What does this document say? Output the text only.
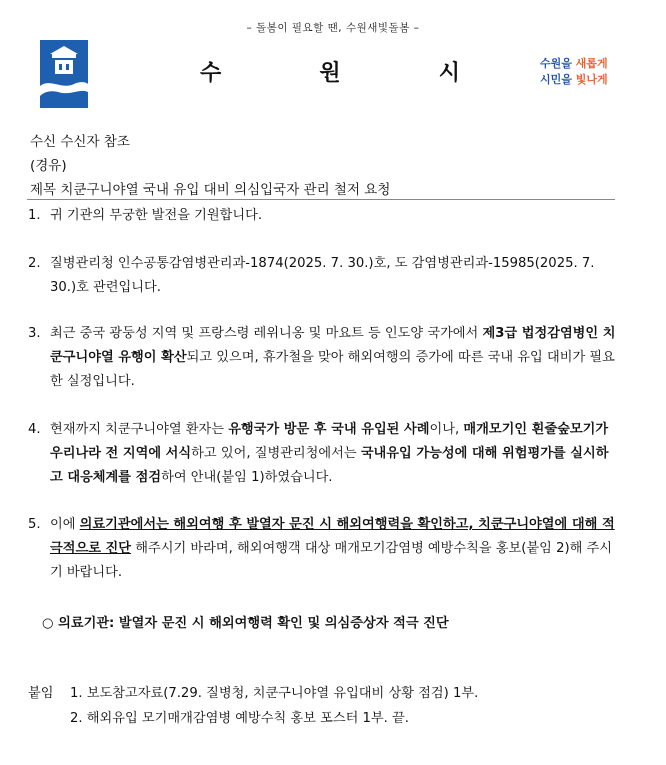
– 돌봄이 필요할 땐, 수원새빛돌봄 –
수	원	시	수원을 새롭게
시민을 빛나게
수신 수신자 참조
(경유)
제목 치쿤구니야열 국내 유입 대비 의심입국자 관리 철저 요청
1. 귀 기관의 무궁한 발전을 기원합니다.
2. 질병관리청 인수공통감염병관리과-1874(2025. 7. 30.)호, 도 감염병관리과-15985(2025. 7. 30.)호 관련입니다.
3. 최근 중국 광둥성 지역 및 프랑스령 레위니옹 및 마요트 등 인도양 국가에서 제3급 법정감염병인 치쿤구니야열 유행이 확산되고 있으며, 휴가철을 맞아 해외여행의 증가에 따른 국내 유입 대비가 필요한 실정입니다.
4. 현재까지 치쿤구니야열 환자는 유행국가 방문 후 국내 유입된 사례이나, 매개모기인 흰줄숲모기가 우리나라 전 지역에 서식하고 있어, 질병관리청에서는 국내유입 가능성에 대해 위험평가를 실시하고 대응체계를 점검하여 안내(붙임 1)하였습니다.
5. 이에 의료기관에서는 해외여행 후 발열자 문진 시 해외여행력을 확인하고, 치쿤구니야열에 대해 적극적으로 진단 해주시기 바라며, 해외여행객 대상 매개모기감염병 예방수칙을 홍보(붙임 2)해 주시기 바랍니다.
○ 의료기관: 발열자 문진 시 해외여행력 확인 및 의심증상자 적극 진단
붙임 1. 보도참고자료(7.29. 질병청, 치쿤구니야열 유입대비 상황 점검) 1부.
2. 해외유입 모기매개감염병 예방수칙 홍보 포스터 1부. 끝.
